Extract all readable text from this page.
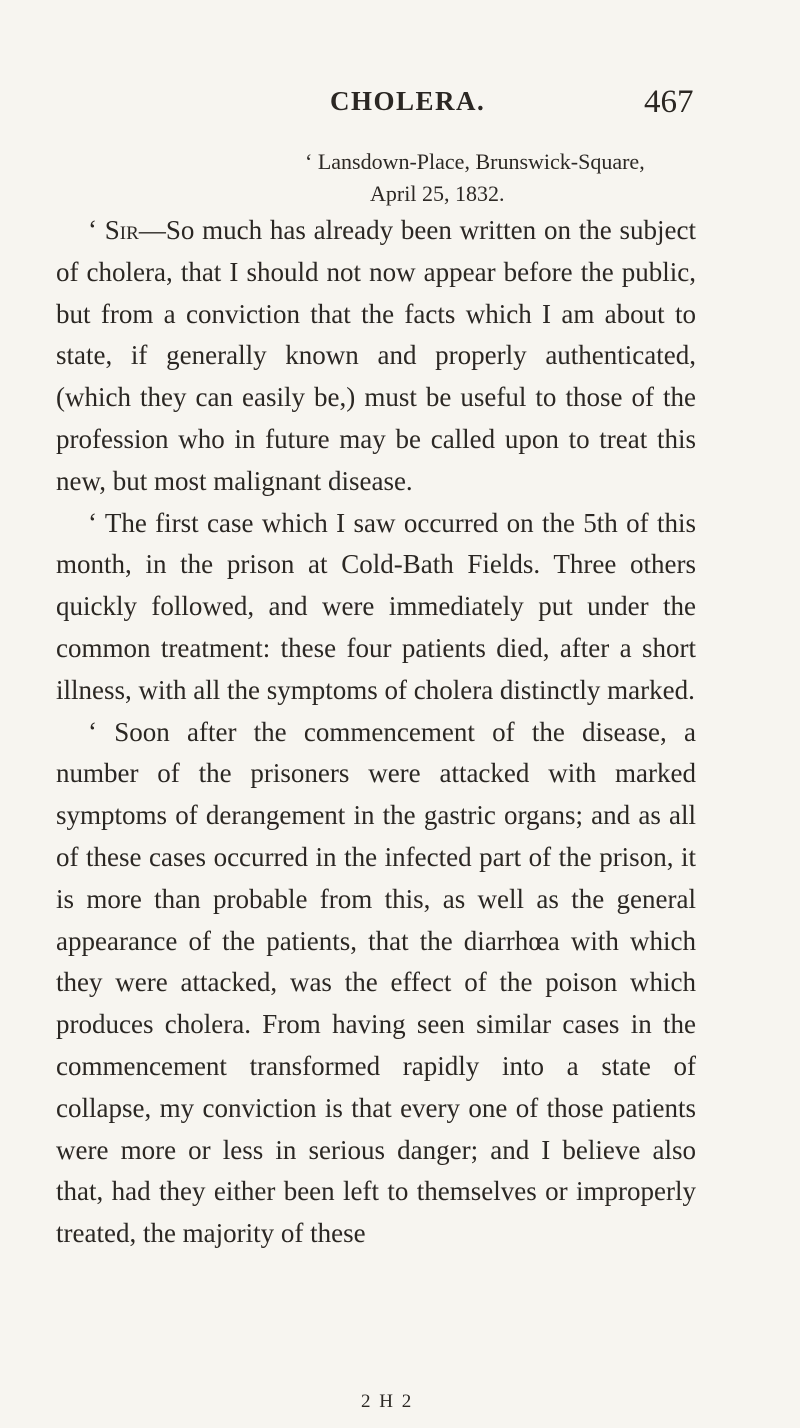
CHOLERA.	467
‘ Lansdown-Place, Brunswick-Square,
April 25, 1832.

‘ Sir—So much has already been written on the subject of cholera, that I should not now appear before the public, but from a conviction that the facts which I am about to state, if generally known and properly authenticated, (which they can easily be,) must be useful to those of the profession who in future may be called upon to treat this new, but most malignant disease.

‘ The first case which I saw occurred on the 5th of this month, in the prison at Cold-Bath Fields. Three others quickly followed, and were immediately put under the common treatment: these four patients died, after a short illness, with all the symptoms of cholera distinctly marked.

‘ Soon after the commencement of the disease, a number of the prisoners were attacked with marked symptoms of derangement in the gastric organs; and as all of these cases occurred in the infected part of the prison, it is more than probable from this, as well as the general appearance of the patients, that the diarrhœa with which they were attacked, was the effect of the poison which produces cholera. From having seen similar cases in the commencement transformed rapidly into a state of collapse, my conviction is that every one of those patients were more or less in serious danger; and I believe also that, had they either been left to themselves or improperly treated, the majority of these

2 H 2
